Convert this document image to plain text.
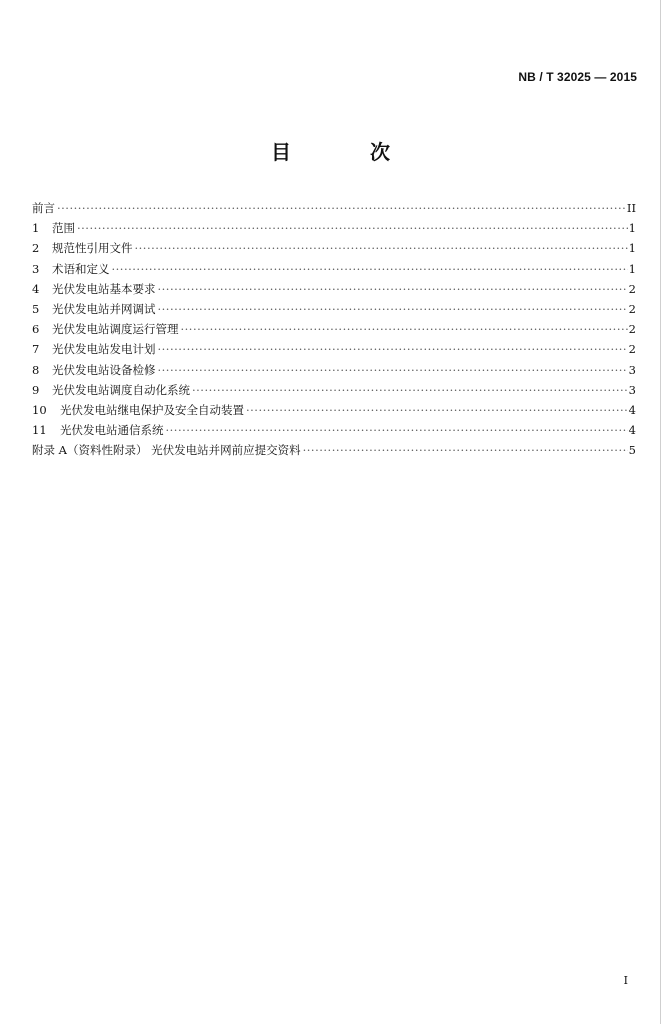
NB / T 32025 — 2015
目 次
前言 ·····	II
1	范围 ·····	1
2	规范性引用文件 ·····	1
3	术语和定义 ·····	1
4	光伏发电站基本要求 ·····	2
5	光伏发电站并网调试 ·····	2
6	光伏发电站调度运行管理 ·····	2
7	光伏发电站发电计划 ·····	2
8	光伏发电站设备检修 ·····	3
9	光伏发电站调度自动化系统 ·····	3
10	光伏发电站继电保护及安全自动装置 ·····	4
11	光伏发电站通信系统 ·····	4
附录 A（资料性附录） 光伏发电站并网前应提交资料 ·····	5
I
